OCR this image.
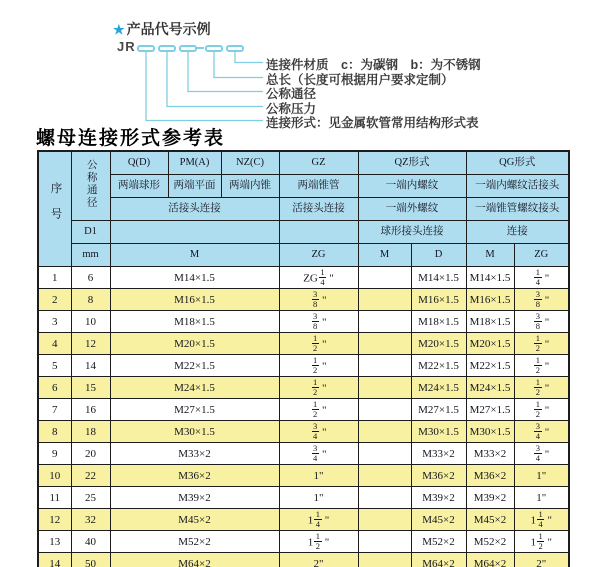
★ 产品代号示例
JR
连接件材质　c：为碳钢　b：为不锈钢
总长（长度可根据用户要求定制）
公称通径
公称压力
连接形式：见金属软管常用结构形式表
螺母连接形式参考表
序号	公称通径	Q(D)	PM(A)	NZ(C)	GZ	QZ形式		QG形式	
		两端球形	两端平面	两端内锥	两端锥管	一端内螺纹		一端内螺纹活接头	
		活接头连接			活接头连接	一端外螺纹		一端锥管螺纹接头	
	D1					球形接头连接		连接	
	mm	M			ZG	M	D	M	ZG
1	6	M14×1.5			ZG $\frac{1}{4}$  "		M14×1.5	M14×1.5	$\frac{1}{4}$  "
2	8	M16×1.5			$\frac{3}{8}$  "		M16×1.5	M16×1.5	$\frac{3}{8}$  "
3	10	M18×1.5			$\frac{3}{8}$  "		M18×1.5	M18×1.5	$\frac{3}{8}$  "
4	12	M20×1.5			$\frac{1}{2}$  "		M20×1.5	M20×1.5	$\frac{1}{2}$  "
5	14	M22×1.5			$\frac{1}{2}$  "		M22×1.5	M22×1.5	$\frac{1}{2}$  "
6	15	M24×1.5			$\frac{1}{2}$  "		M24×1.5	M24×1.5	$\frac{1}{2}$  "
7	16	M27×1.5			$\frac{1}{2}$  "		M27×1.5	M27×1.5	$\frac{1}{2}$  "
8	18	M30×1.5			$\frac{3}{4}$  "		M30×1.5	M30×1.5	$\frac{3}{4}$  "
9	20	M33×2			$\frac{3}{4}$  "		M33×2	M33×2	$\frac{3}{4}$  "
10	22	M36×2			1"		M36×2	M36×2	1"
11	25	M39×2			1"		M39×2	M39×2	1"
12	32	M45×2			$1 \frac{1}{4}$  "		M45×2	M45×2	$1 \frac{1}{4}$  "
13	40	M52×2			$1 \frac{1}{2}$  "		M52×2	M52×2	$1 \frac{1}{2}$  "
14	50	M64×2			2"		M64×2	M64×2	2"
